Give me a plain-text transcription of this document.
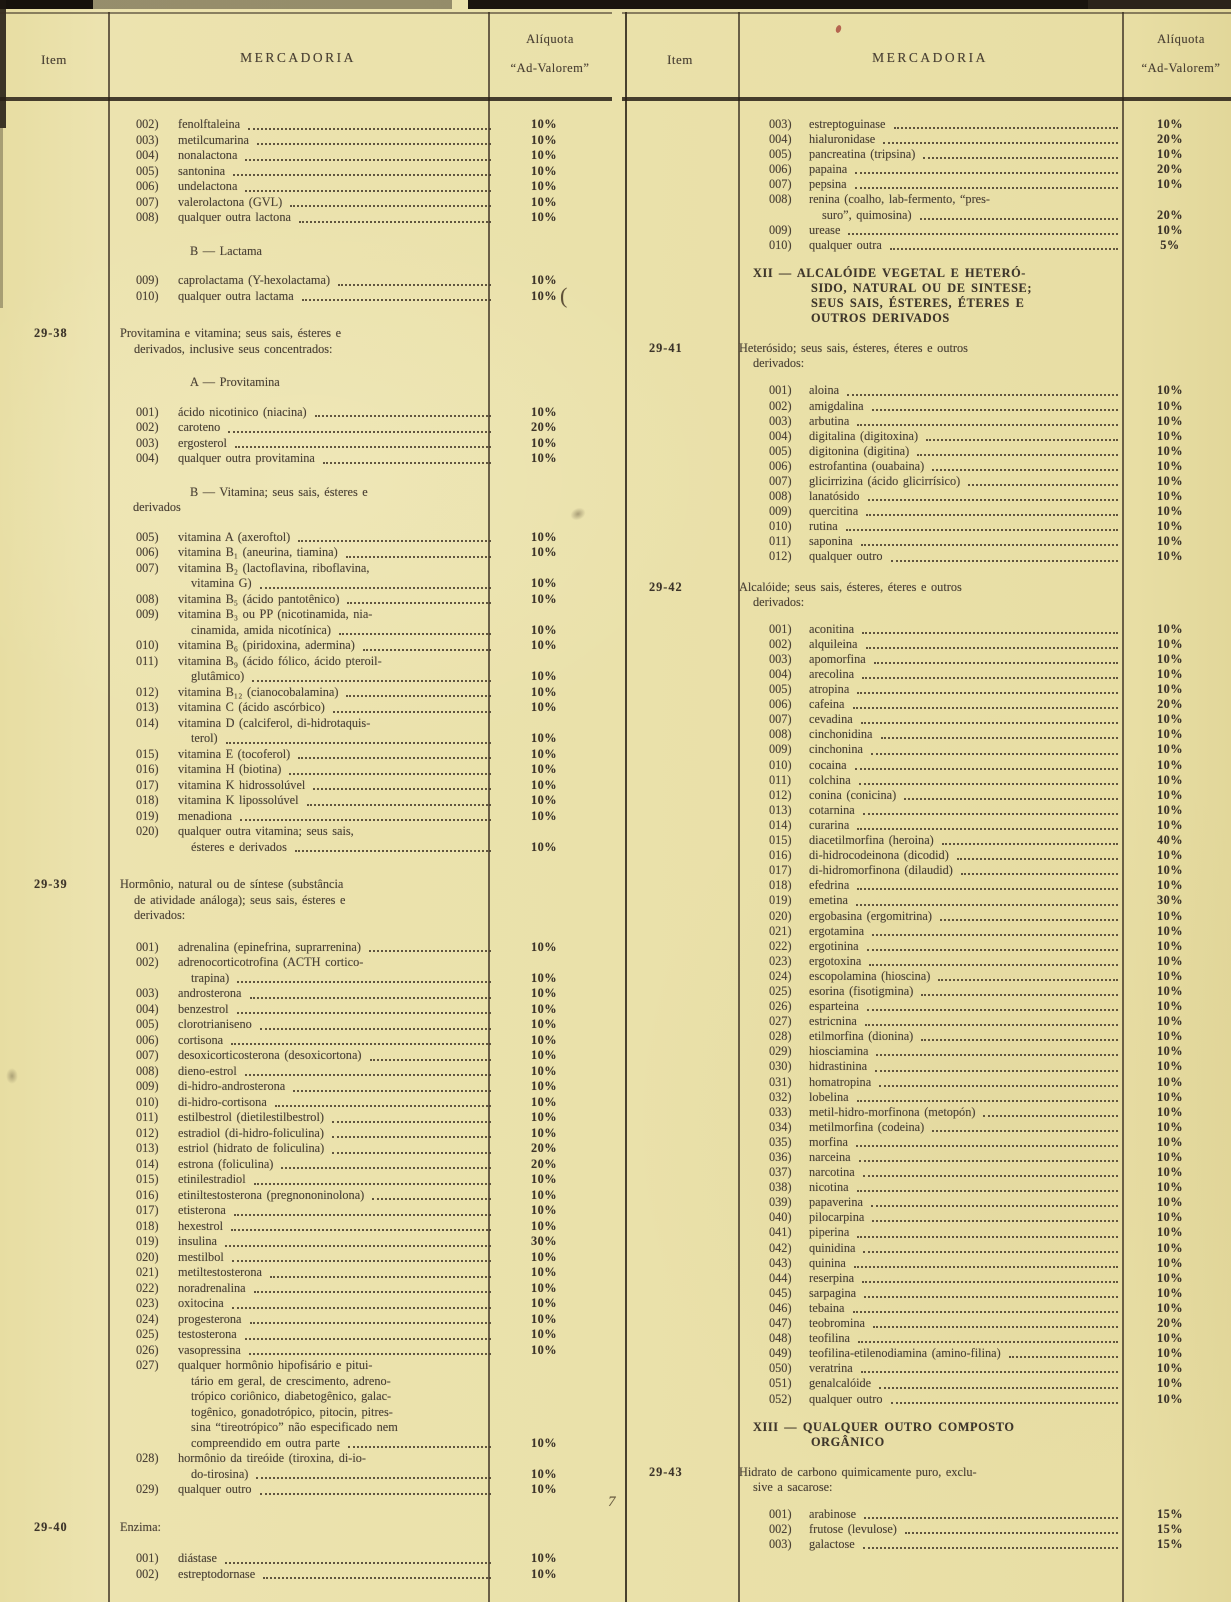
(
7
Item	MERCADORIA
Alíquota
“Ad-Valorem”
002)	fenolftaleina	10%
003)	metilcumarina	10%
004)	nonalactona	10%
005)	santonina	10%
006)	undelactona	10%
007)	valerolactona (GVL)	10%
008)	qualquer outra lactona	10%
B — Lactama
009)	caprolactama (Y-hexolactama)	10%
010)	qualquer outra lactama	10%
29-38	Provitamina e vitamina; seus sais, ésteres e
derivados, inclusive seus concentrados:
A — Provitamina
001)	ácido nicotinico (niacina)	10%
002)	caroteno	20%
003)	ergosterol	10%
004)	qualquer outra provitamina	10%
B — Vitamina; seus sais, ésteres e
derivados
005)	vitamina A (axeroftol)	10%
006)	vitamina B₁ (aneurina, tiamina)	10%
007)	vitamina B₂ (lactoflavina, riboflavina,
vitamina G)	10%
008)	vitamina B₅ (ácido pantotênico)	10%
009)	vitamina B₃ ou PP (nicotinamida, nia-
cinamida, amida nicotínica)	10%
010)	vitamina B₆ (piridoxina, adermina)	10%
011)	vitamina B₉ (ácido fólico, ácido pteroil-
glutâmico)	10%
012)	vitamina B₁₂ (cianocobalamina)	10%
013)	vitamina C (ácido ascórbico)	10%
014)	vitamina D (calciferol, di-hidrotaquis-
terol)	10%
015)	vitamina E (tocoferol)	10%
016)	vitamina H (biotina)	10%
017)	vitamina K hidrossolúvel	10%
018)	vitamina K lipossolúvel	10%
019)	menadiona	10%
020)	qualquer outra vitamina; seus sais,
ésteres e derivados	10%
29-39	Hormônio, natural ou de síntese (substância
de atividade análoga); seus sais, ésteres e
derivados:
001)	adrenalina (epinefrina, suprarrenina)	10%
002)	adrenocorticotrofina (ACTH cortico-
trapina)	10%
003)	androsterona	10%
004)	benzestrol	10%
005)	clorotrianiseno	10%
006)	cortisona	10%
007)	desoxicorticosterona (desoxicortona)	10%
008)	dieno-estrol	10%
009)	di-hidro-androsterona	10%
010)	di-hidro-cortisona	10%
011)	estilbestrol (dietilestilbestrol)	10%
012)	estradiol (di-hidro-foliculina)	10%
013)	estriol (hidrato de foliculina)	20%
014)	estrona (foliculina)	20%
015)	etinilestradiol	10%
016)	etiniltestosterona (pregnononinolona)	10%
017)	etisterona	10%
018)	hexestrol	10%
019)	insulina	30%
020)	mestilbol	10%
021)	metiltestosterona	10%
022)	noradrenalina	10%
023)	oxitocina	10%
024)	progesterona	10%
025)	testosterona	10%
026)	vasopressina	10%
027)	qualquer hormônio hipofisário e pitui-
tário em geral, de crescimento, adreno-
trópico coriônico, diabetogênico, galac-
togênico, gonadotrópico, pitocin, pitres-
sina “tireotrópico” não especificado nem
compreendido em outra parte	10%
028)	hormônio da tireóide (tiroxina, di-io-
do-tirosina)	10%
029)	qualquer outro	10%
29-40	Enzima:
001)	diástase	10%
002)	estreptodornase	10%
Item	MERCADORIA
Alíquota
“Ad-Valorem”
003)	estreptoguinase	10%
004)	hialuronidase	20%
005)	pancreatina (tripsina)	10%
006)	papaina	20%
007)	pepsina	10%
008)	renina (coalho, lab-fermento, “pres-
suro”, quimosina)	20%
009)	urease	10%
010)	qualquer outra	5%
XII — ALCALÓIDE VEGETAL E HETERÓ-
SIDO, NATURAL OU DE SINTESE;
SEUS SAIS, ÉSTERES, ÉTERES E
OUTROS DERIVADOS
29-41	Heterósido; seus sais, ésteres, éteres e outros
derivados:
001)	aloina	10%
002)	amigdalina	10%
003)	arbutina	10%
004)	digitalina (digitoxina)	10%
005)	digitonina (digitina)	10%
006)	estrofantina (ouabaina)	10%
007)	glicirrizina (ácido glicirrísico)	10%
008)	lanatósido	10%
009)	quercitina	10%
010)	rutina	10%
011)	saponina	10%
012)	qualquer outro	10%
29-42	Alcalóide; seus sais, ésteres, éteres e outros
derivados:
001)	aconitina	10%
002)	alquileina	10%
003)	apomorfina	10%
004)	arecolina	10%
005)	atropina	10%
006)	cafeina	20%
007)	cevadina	10%
008)	cinchonidina	10%
009)	cinchonina	10%
010)	cocaina	10%
011)	colchina	10%
012)	conina (conicina)	10%
013)	cotarnina	10%
014)	curarina	10%
015)	diacetilmorfina (heroina)	40%
016)	di-hidrocodeinona (dicodid)	10%
017)	di-hidromorfinona (dilaudid)	10%
018)	efedrina	10%
019)	emetina	30%
020)	ergobasina (ergomitrina)	10%
021)	ergotamina	10%
022)	ergotinina	10%
023)	ergotoxina	10%
024)	escopolamina (hioscina)	10%
025)	esorina (fisotigmina)	10%
026)	esparteina	10%
027)	estricnina	10%
028)	etilmorfina (dionina)	10%
029)	hiosciamina	10%
030)	hidrastinina	10%
031)	homatropina	10%
032)	lobelina	10%
033)	metil-hidro-morfinona (metopón)	10%
034)	metilmorfina (codeina)	10%
035)	morfina	10%
036)	narceina	10%
037)	narcotina	10%
038)	nicotina	10%
039)	papaverina	10%
040)	pilocarpina	10%
041)	piperina	10%
042)	quinidina	10%
043)	quinina	10%
044)	reserpina	10%
045)	sarpagina	10%
046)	tebaina	10%
047)	teobromina	20%
048)	teofilina	10%
049)	teofilina-etilenodiamina (amino-filina)	10%
050)	veratrina	10%
051)	genalcalóide	10%
052)	qualquer outro	10%
XIII — QUALQUER OUTRO COMPOSTO
ORGÂNICO
29-43	Hidrato de carbono quimicamente puro, exclu-
sive a sacarose:
001)	arabinose	15%
002)	frutose (levulose)	15%
003)	galactose	15%
